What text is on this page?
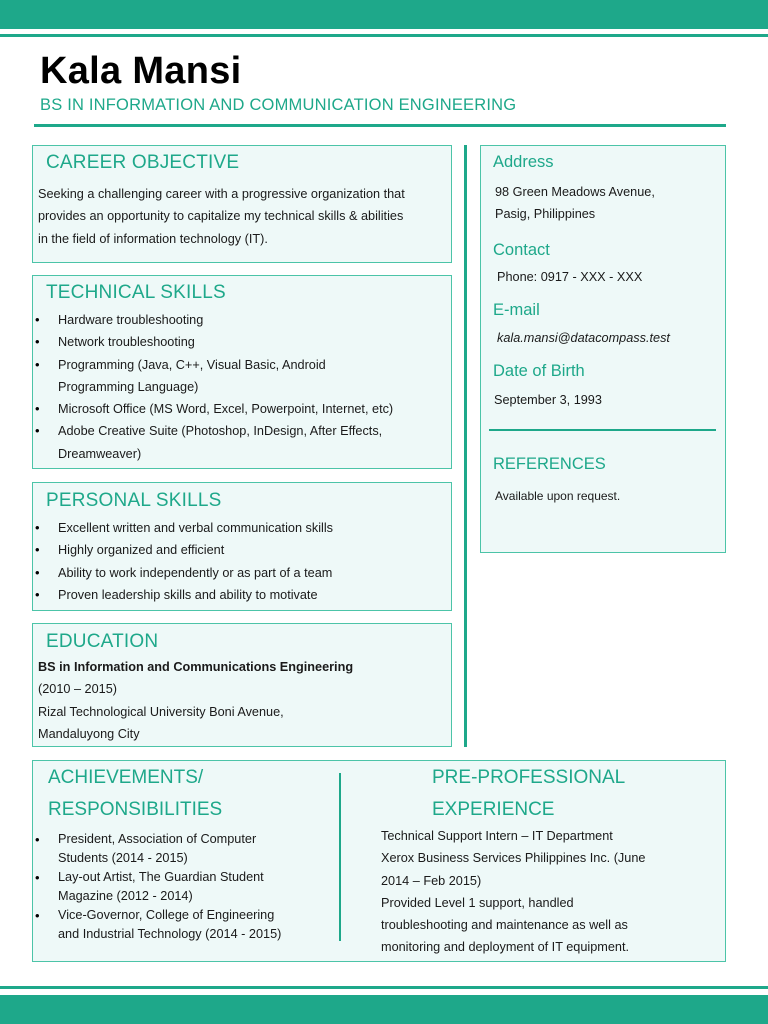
Kala Mansi
BS IN INFORMATION AND COMMUNICATION ENGINEERING
CAREER OBJECTIVE
Seeking a challenging career with a progressive organization that
provides an opportunity to capitalize my technical skills & abilities
in the field of information technology (IT).
TECHNICAL SKILLS
• Hardware troubleshooting
• Network troubleshooting
• Programming (Java, C++, Visual Basic, Android
Programming Language)
• Microsoft Office (MS Word, Excel, Powerpoint, Internet, etc)
• Adobe Creative Suite (Photoshop, InDesign, After Effects,
Dreamweaver)
PERSONAL SKILLS
• Excellent written and verbal communication skills
• Highly organized and efficient
• Ability to work independently or as part of a team
• Proven leadership skills and ability to motivate
EDUCATION
BS in Information and Communications Engineering
(2010 – 2015)
Rizal Technological University Boni Avenue,
Mandaluyong City
Address
98 Green Meadows Avenue,
Pasig, Philippines
Contact
Phone: 0917 - XXX - XXX
E-mail
kala.mansi@datacompass.test
Date of Birth
September 3, 1993
REFERENCES
Available upon request.
ACHIEVEMENTS/
RESPONSIBILITIES
• President, Association of Computer
Students (2014 - 2015)
• Lay-out Artist, The Guardian Student
Magazine (2012 - 2014)
• Vice-Governor, College of Engineering
and Industrial Technology (2014 - 2015)
PRE-PROFESSIONAL
EXPERIENCE
Technical Support Intern – IT Department
Xerox Business Services Philippines Inc. (June
2014 – Feb 2015)
Provided Level 1 support, handled
troubleshooting and maintenance as well as
monitoring and deployment of IT equipment.
